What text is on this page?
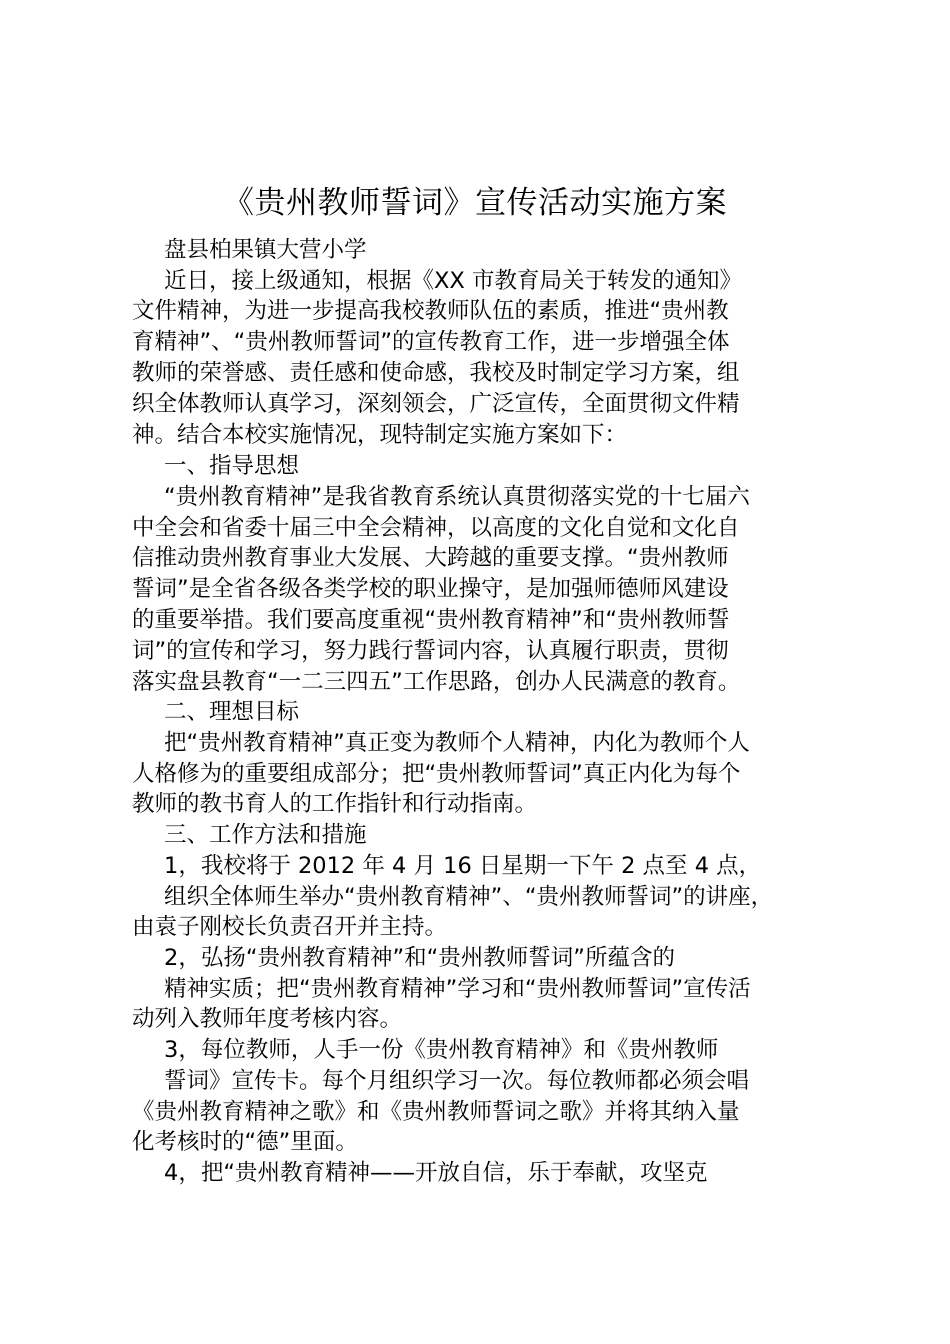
《贵州教师誓词》宣传活动实施方案
盘县柏果镇大营小学
近日，接上级通知，根据《XX 市教育局关于转发的通知》
文件精神，为进一步提高我校教师队伍的素质，推进“贵州教
育精神”、“贵州教师誓词”的宣传教育工作，进一步增强全体
教师的荣誉感、责任感和使命感，我校及时制定学习方案，组
织全体教师认真学习，深刻领会，广泛宣传，全面贯彻文件精
神。结合本校实施情况，现特制定实施方案如下：
一、指导思想
“贵州教育精神”是我省教育系统认真贯彻落实党的十七届六
中全会和省委十届三中全会精神，以高度的文化自觉和文化自
信推动贵州教育事业大发展、大跨越的重要支撑。“贵州教师
誓词”是全省各级各类学校的职业操守，是加强师德师风建设
的重要举措。我们要高度重视“贵州教育精神”和“贵州教师誓
词”的宣传和学习，努力践行誓词内容，认真履行职责，贯彻
落实盘县教育“一二三四五”工作思路，创办人民满意的教育。
二、理想目标
把“贵州教育精神”真正变为教师个人精神，内化为教师个人
人格修为的重要组成部分；把“贵州教师誓词”真正内化为每个
教师的教书育人的工作指针和行动指南。
三、工作方法和措施
1，我校将于 2012 年 4 月 16 日星期一下午 2 点至 4 点，
组织全体师生举办“贵州教育精神”、“贵州教师誓词”的讲座，
由袁子刚校长负责召开并主持。
2，弘扬“贵州教育精神”和“贵州教师誓词”所蕴含的
精神实质；把“贵州教育精神”学习和“贵州教师誓词”宣传活
动列入教师年度考核内容。
3，每位教师，人手一份《贵州教育精神》和《贵州教师
誓词》宣传卡。每个月组织学习一次。每位教师都必须会唱
《贵州教育精神之歌》和《贵州教师誓词之歌》并将其纳入量
化考核时的“德”里面。
4，把“贵州教育精神——开放自信，乐于奉献，攻坚克
